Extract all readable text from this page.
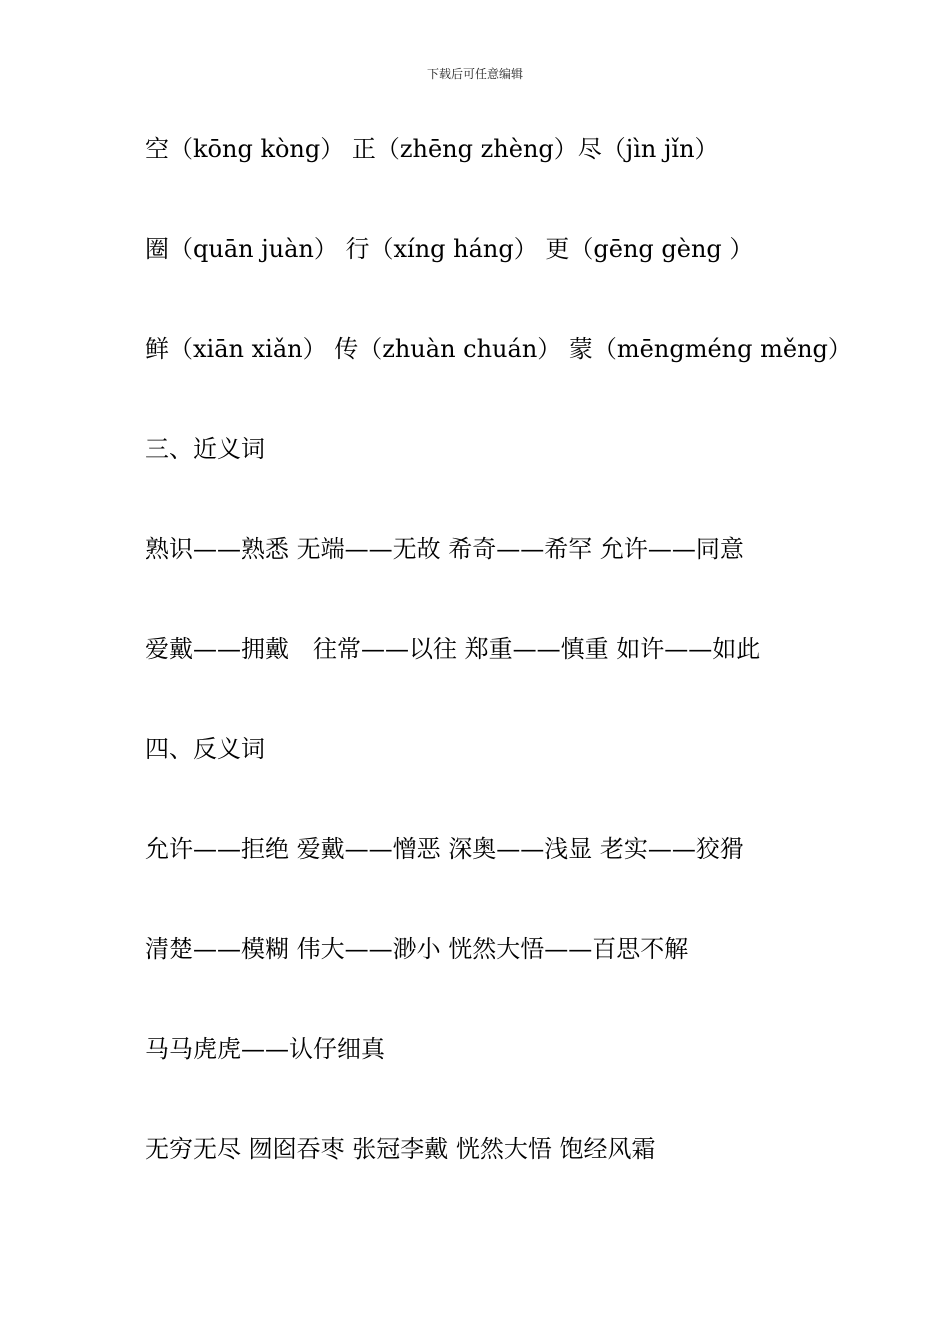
下载后可任意编辑
空（kōng kòng） 正（zhēng zhèng）尽（jìn jǐn）
圈（quān juàn） 行（xíng háng） 更（gēng gèng ）
鲜（xiān xiǎn） 传（zhuàn chuán） 蒙（mēngméng měng）
三、近义词
熟识——熟悉 无端——无故 希奇——希罕 允许——同意
爱戴——拥戴　往常——以往 郑重——慎重 如许——如此
四、反义词
允许——拒绝 爱戴——憎恶 深奥——浅显 老实——狡猾
清楚——模糊 伟大——渺小 恍然大悟——百思不解
马马虎虎——认仔细真
无穷无尽 囫囵吞枣 张冠李戴 恍然大悟 饱经风霜
